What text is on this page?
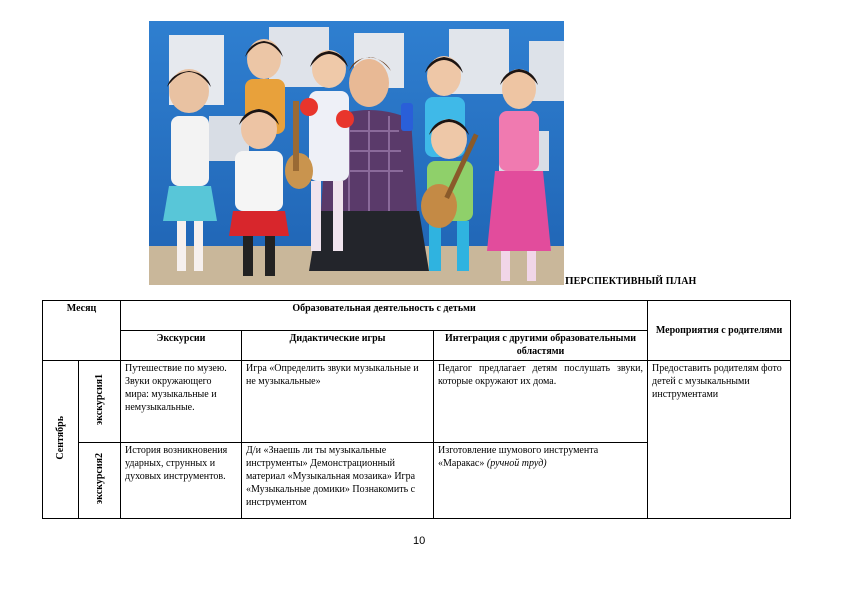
ПЕРСПЕКТИВНЫЙ ПЛАН
Месяц		Образовательная деятельность с детьми			Мероприятия с родителями
		Экскурсии	Дидактические игры	Интеграция с другими образовательными областями	
Сентябрь	экскурсия1	Путешествие по музею. Звуки окружающего мира: музыкальные и немузыкальные.	Игра «Определить звуки музыкальные и не музыкальные»	Педагог предлагает детям послушать звуки, которые окружают их дома.	Предоставить родителям фото детей с музыкальными инструментами
	экскурсия2	История возникновения ударных, струнных и духовых инструментов.	Д/и «Знаешь ли ты музыкальные инструменты» Демонстрационный материал «Музыкальная мозаика» Игра «Музыкальные домики» Познакомить с инструментом	Изготовление шумового инструмента «Маракас» (ручной труд)	
10
